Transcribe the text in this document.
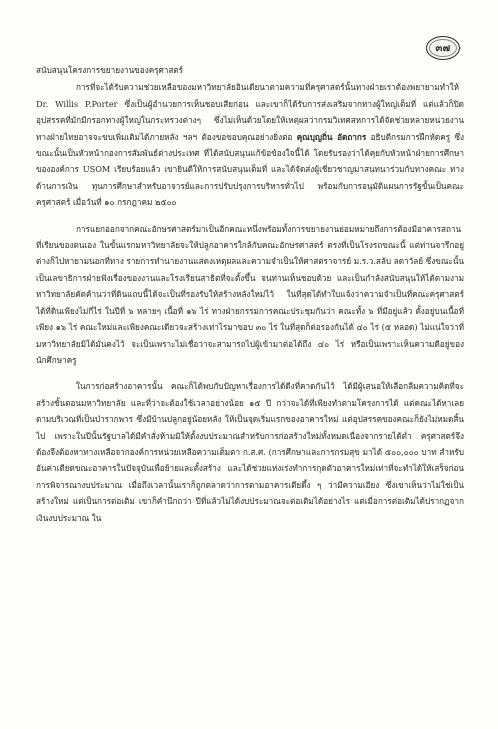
๓๗

สนับสนุนโครงการขยายงานของครุศาสตร์

การที่จะได้รับความช่วยเหลือของมหาวิทยาลัยอินเดียนาตามความที่ครุศาสตร์นั้นทางฝ่ายเราต้องพยายามทำให้ Dr. Willis P.Porter ซึ่งเป็นผู้อำนวยการเห็นชอบเสียก่อน และเขาก็ได้รับการส่งเสริมจากทางผู้ใหญ่เต็มที่ แต่แล้วก็ปิดอุปสรรคที่มักมีกรอกทางผู้ใหญ่ในกระทรวงต่างๆ ซึ่งไม่เห็นด้วยโดยให้เหตุผลว่ากรมวิเทศสหการได้จัดช่วยหลายหน่วยงาน ทางฝ่ายไทยอาจจะขบเพิ่มเติมได้ภายหลัง ฯลฯ ต้องขอขอบคุณอย่างยิ่งต่อ คุณบุญถิ่น อัตถากร อธิบดีกรมการฝึกหัดครู ซึ่งขณะนั้นเป็นหัวหน้ากองการสัมพันธ์ต่างประเทศ ที่ได้สนับสนุนแก้ข้อข้องใจนี้ได้ โดยรับรองว่าได้คุยกับหัวหน้าฝ่ายการศึกษาขององค์การ USOM เรียบร้อยแล้ว เขายินดีให้การสนับสนุนเต็มที่ และได้จัดส่งผู้เชี่ยวชาญมาสนทนาร่วมกับทางคณะ ทางด้านการเงิน ทุนการศึกษาสำหรับอาจารย์และการปรับปรุงการบริหารทั่วไป พร้อมกับการอนุมัติแผนการรัฐขั้นเป็นคณะครุศาสตร์ เมื่อวันที่ ๑๐ กรกฎาคม ๒๕๐๐

การแยกออกจากคณะอักษรศาสตร์มาเป็นอีกคณะหนึ่งพร้อมทั้งการขยายงานย่อมหมายถึงการต้องมีอาคารสถานที่เรียนของตนเอง ในขั้นแรกมหาวิทยาลัยจะให้ปลูกอาคารใกล้กับคณะอักษรศาสตร์ ตรงที่เป็นโรงรถขณะนี้ แต่ท่านจารึกอยู่ต่างก็ไปหายามนอกที่ทาง รายการทำนายงานแสดงเหตุผลและความจำเป็นให้ศาสตราจารย์ ม.ร.ว.สลับ ลดาวัลย์ ซึ่งขณะนั้นเป็นเลขาธิการฝ่ายฟังเรื่องของงานและโรงเรียนสาธิตที่จะตั้งขึ้น จนท่านเห็นชอบด้วย และเป็นกำลังสนับสนุนให้ได้ตามงามหาวิทยาลัยคัดค้านว่าที่ดินแถบนี้ได้จะเป็นที่รองรับให้สร้างหลังใหม่ไว้ ในที่สุดได้ทำใบแจ้งว่าความจำเป็นที่คณะครุศาสตร์ได้ที่ดินเพียงไม่กี่ไร่ ในปีที่ ๖ หลายๆ เนื้อที่ ๑๖ ไร่ ทางฝ่ายกรรมการคณะประชุมกันว่า คณะทั้ง ๖ ที่มีอยู่แล้ว ตั้งอยู่บนเนื้อที่เพียง ๑๖ ไร่ คณะใหม่และเพียงคณะเดียวจะสร้างเท่าไรมาขอบ ๓๐ ไร่ ในที่สุดก็ต่อรองกันได้ ๔๐ ไร่ (๕ หลอด) ไม่แน่ใจว่าที่มหาวิทยาลัยมิได้มั่นคงไว้ จะเป็นเพราะไม่เชื่อว่าจะสามารถไปผู้เข้ามาต่อได้ถึง ๔๐ ไร่ หรือเป็นเพราะเห็นความดีอยู่ของนักศึกษาครู

ในการก่อสร้างอาคารนั้น คณะก็ได้พบกับปัญหาเรื่องการได้ดีงที่คาดกันไว้ ได้มีผู้เสนอให้เลือกลีมความคิดที่จะสร้างชั้นตอนมหาวิทยาลัย และที่ว่าจะต้องใช้เวลาอย่างน้อย ๑๕ ปี กว่าจะได้ที่เพียงทำตามโครงการได้ แต่คณะได้หาเลยตามบริเวณที่เป็นป่ารากพาร ซึ่งมีบ้านปลูกอยู่น้อยหลัง ให้เป็นจุดเริ่มแรกของอาคารใหม่ แต่อุปสรรคของคณะก็ยังไม่หมดสิ้นไป เพราะในปีนั้นรัฐบาลได้มีคำสั่งห้ามมิให้ตั้งงบประมาณสำหรับการก่อสร้างใหม่ทั้งหมดเนื่องจากรายได้ต่ำ ครุศาสตร์จึงต้องจึงต้องหาทางเหลือจากองค์การหน่วยเหลือความเต็มตา ก.ส.ศ. (การศึกษาและการกรมสุข มาได้ ๕๐๐,๐๐๐ บาท สำหรับอันค่าเตียดขณะอาคารในปัจจุบันเพื่อย้ายและตั้งสร้าง และได้ช่วยแห่งเร่งทำการกุดตัวอาคารใหม่เท่าที่จะทำได้ให้เสร็จก่อนการพิจารณางบประมาณ เมื่อถึงเวลานั้นเราก็ถูกตลาดว่าการตามอาคารเตียดึ้ง ๆ ว่ามีความเอียง ซึ่งเขาเห็นว่าไม่ใช่เป็นสร้างใหม่ แต่เป็นการต่อเติม เขาก็คำนึกถว่า ปีที่แล้วไม่ได้งบประมาณจะต่อเติมได้อย่างไร แต่เมื่อการต่อเติมได้ปรากฏจากเงินงบประมาณ ใน
